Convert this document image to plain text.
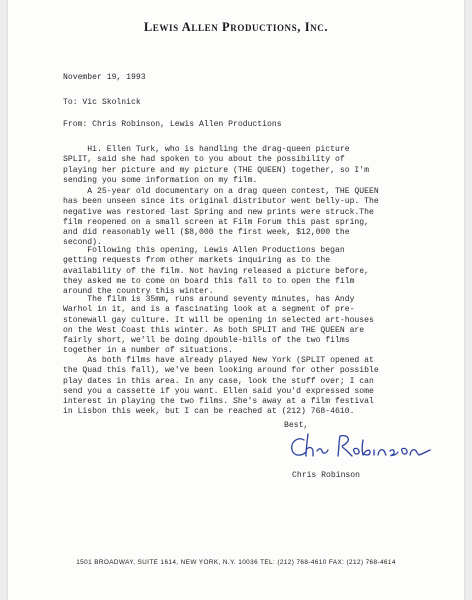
Lewis Allen Productions, Inc.
November 19, 1993
To: Vic Skolnick
From: Chris Robinson, Lewis Allen Productions
Hi. Ellen Turk, who is handling the drag-queen picture
SPLIT, said she had spoken to you about the possibility of
playing her picture and my picture (THE QUEEN) together, so I'm
sending you some information on my film.
A 25-year old documentary on a drag queen contest, THE QUEEN
has been unseen since its original distributor went belly-up. The
negative was restored last Spring and new prints were struck.The
film reopened on a small screen at Film Forum this past spring,
and did reasonably well ($8,000 the first week, $12,000 the
second).
Following this opening, Lewis Allen Productions began
getting requests from other markets inquiring as to the
availability of the film. Not having released a picture before,
they asked me to come on board this fall to to open the film
around the country this winter.
The film is 35mm, runs around seventy minutes, has Andy
Warhol in it, and is a fascinating look at a segment of pre-
stonewall gay culture. It will be opening in selected art-houses
on the West Coast this winter. As both SPLIT and THE QUEEN are
fairly short, we'll be doing dpouble-bills of the two films
together in a number of situations.
As both films have already played New York (SPLIT opened at
the Quad this fall), we've been looking around for other possible
play dates in this area. In any case, look the stuff over; I can
send you a cassette if you want. Ellen said you'd expressed some
interest in playing the two films. She's away at a film festival
in Lisbon this week, but I can be reached at (212) 768-4610.
Best,
Chris Robinson
1501 BROADWAY, SUITE 1614, NEW YORK, N.Y. 10036 TEL: (212) 768-4610 FAX: (212) 768-4614
